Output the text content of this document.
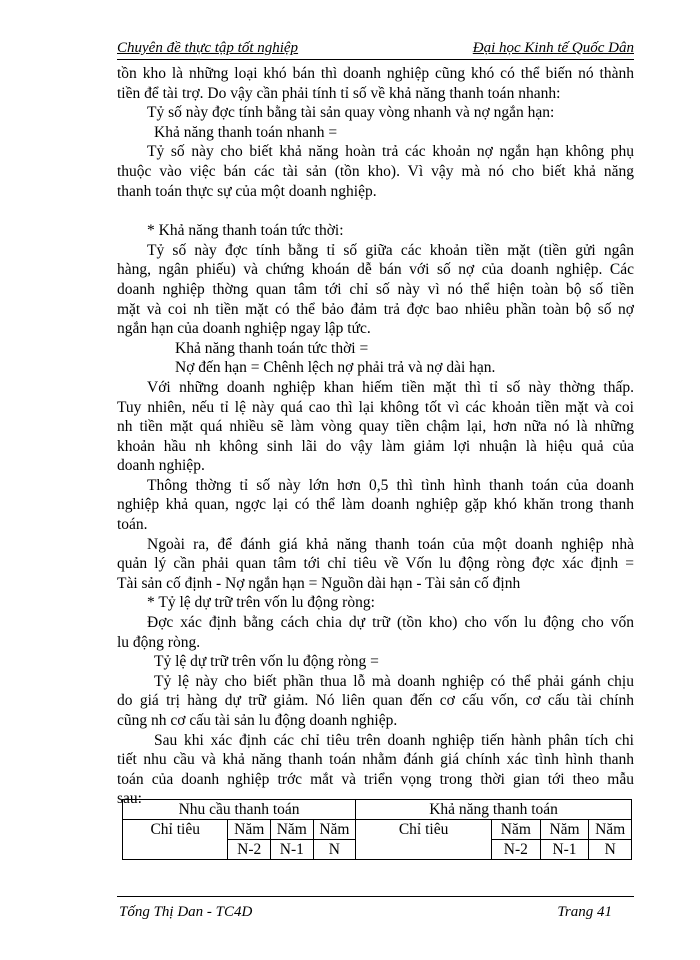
Chuyên đề thực tập tốt nghiệp	Đại học Kinh tế Quốc Dân

tồn kho là những loại khó bán thì doanh nghiệp cũng khó có thể biến nó thành

tiền để tài trợ. Do vậy cần phải tính tỉ số về khả năng thanh toán nhanh:

Tỷ số này đợc tính bằng tài sản quay vòng nhanh và nợ ngắn hạn:

Khả năng thanh toán nhanh =

Tỷ số này cho biết khả năng hoàn trả các khoản nợ ngắn hạn không phụ

thuộc vào việc bán các tài sản (tồn kho). Vì vậy mà nó cho biết khả năng

thanh toán thực sự của một doanh nghiệp.

* Khả năng thanh toán tức thời:

Tỷ số này đợc tính bằng tỉ số giữa các khoản tiền mặt (tiền gửi ngân

hàng, ngân phiếu) và chứng khoán dễ bán với số nợ của doanh nghiệp. Các

doanh nghiệp thờng quan tâm tới chỉ số này vì nó thể hiện toàn bộ số tiền

mặt và coi nh tiền mặt có thể bảo đảm trả đợc bao nhiêu phần toàn bộ số nợ

ngắn hạn của doanh nghiệp ngay lập tức.

Khả năng thanh toán tức thời =

Nợ đến hạn = Chênh lệch nợ phải trả và nợ dài hạn.

Với những doanh nghiệp khan hiếm tiền mặt thì tỉ số này thờng thấp.

Tuy nhiên, nếu tỉ lệ này quá cao thì lại không tốt vì các khoản tiền mặt và coi

nh tiền mặt quá nhiều sẽ làm vòng quay tiền chậm lại, hơn nữa nó là những

khoản hầu nh không sinh lãi do vậy làm giảm lợi nhuận là hiệu quả của

doanh nghiệp.

Thông thờng tỉ số này lớn hơn 0,5 thì tình hình thanh toán của doanh

nghiệp khả quan, ngợc lại có thể làm doanh nghiệp gặp khó khăn trong thanh

toán.

Ngoài ra, để đánh giá khả năng thanh toán của một doanh nghiệp nhà

quản lý cần phải quan tâm tới chỉ tiêu về Vốn lu động ròng đợc xác định =

Tài sản cố định - Nợ ngắn hạn = Nguồn dài hạn - Tài sản cố định

* Tỷ lệ dự trữ trên vốn lu động ròng:

Đợc xác định bằng cách chia dự trữ (tồn kho) cho vốn lu động cho vốn

lu động ròng.

Tỷ lệ dự trữ trên vốn lu động ròng =

Tỷ lệ này cho biết phần thua lỗ mà doanh nghiệp có thể phải gánh chịu

do giá trị hàng dự trữ giảm. Nó liên quan đến cơ cấu vốn, cơ cấu tài chính

cũng nh cơ cấu tài sản lu động doanh nghiệp.

Sau khi xác định các chỉ tiêu trên doanh nghiệp tiến hành phân tích chi

tiết nhu cầu và khả năng thanh toán nhằm đánh giá chính xác tình hình thanh

toán của doanh nghiệp trớc mắt và triển vọng trong thời gian tới theo mẫu

sau:

Nhu cầu thanh toán				Khả năng thanh toán			
Chỉ tiêu	Năm	Năm	Năm	Chỉ tiêu	Năm	Năm	Năm
	N-2	N-1	N		N-2	N-1	N
Tống Thị Dan - TC4D	Trang 41
